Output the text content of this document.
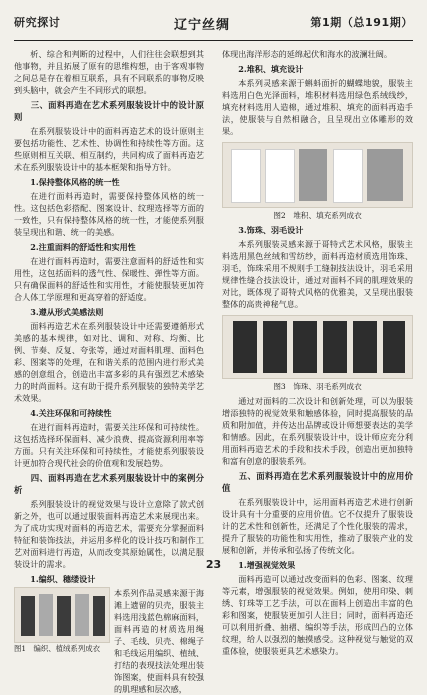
研究探讨	辽宁丝绸	第1期（总191期）

析、综合和判断的过程中，人们往往会联想到其他事物，并且拓展了原有的思维构想，由于客观事物之间总是存在着相互联系，具有不同联系的事物反映到头脑中，就会产生不同形式的联想。

三、面料再造在艺术系列服装设计中的设计原则

在系列服装设计中的面料再造艺术的设计原则主要包括功能性、艺术性、协调性和持续性等方面。这些原则相互关联、相互制约，共同构成了面料再造艺术在系列服装设计中的基本框架和指导方针。

1.保持整体风格的统一性

在进行面料再造时，需要保持整体风格的统一性。这包括色彩搭配、图案设计、纹理选择等方面的一致性，只有保持整体风格的统一性，才能使系列服装呈现出和谐、统一的美感。

2.注重面料的舒适性和实用性

在进行面料再造时，需要注意面料的舒适性和实用性，这包括面料的透气性、保暖性、弹性等方面。只有确保面料的舒适性和实用性，才能使服装更加符合人体工学原理和更高穿着的舒适度。

3.遵从形式美感法则

面料再造艺术在系列服装设计中还需要遵循形式美感的基本规律，如对比、调和、对称、均衡、比例、节奏、反复、夸张等，通过对面料肌理、面料色彩、图案等的处理，在和谐关系的范围内进行形式美感的创意组合，创造出丰富多彩的具有强烈艺术感染力的时尚面料。这有助于提升系列服装的独特美学艺术效果。

4.关注环保和可持续性

在进行面料再造时，需要关注环保和可持续性。这包括选择环保面料、减少浪费、提高资源利用率等方面。只有关注环保和可持续性，才能使系列服装设计更加符合现代社会的价值观和发展趋势。

四、面料再造在艺术系列服装设计中的案例分析

系列服装设计的视觉效果与设计立意除了款式创新之外，也可以通过服装面料再造艺术来展现出来。为了成功实现对面料的再造艺术，需要充分掌握面料特征和装饰技法，并运用多样化的设计技巧和制作工艺对面料进行再造，从而改变其原始属性，以满足服装设计的需求。

1.编织、穗缕设计
本系列作品灵感来源于海滩上遗留的贝壳，服装主料选用浅蓝色棉麻面料，面料再造的材质选用绳子、毛线、贝壳、棉绳子和毛线运用编织、植绒、打结的表现技法处理出装饰图案，使面料具有较强的肌理感和层次感，
图1　编织、植绒系列成衣

体现出海洋形态的延绵起伏和海水的波澜壮阔。

2.堆积、填充设计

本系列灵感来源于蝌蚪面折的蝴蝶地貌，服装主料选用白色光泽面料，堆积材料选用绿色系绒线纱，填充材料选用人造棉，通过堆积、填充的面料再造手法，使服装与自然相融合，且呈现出立体雕形的效果。

图2　堆积、填充系列成衣
3.饰珠、羽毛设计

本系列服装灵感来源于哥特式艺术风格，服装主料选用黑色丝绒和雪纺纱，面料再造材质选用饰珠、羽毛，饰珠采用不规则手工缝制技法设计，羽毛采用规律性缝合技法设计，通过对面料不同的肌理效果的对比，既体现了哥特式风格的优雅美，又呈现出服装整体的高贵神秘气息。

图3　饰珠、羽毛系列成衣

通过对面料的二次设计和创新处理，可以为服装增添独特的视觉效果和触感体验，同时提高服装的品质和附加值，并传达出品牌或设计师想要表达的美学和情感。因此，在系列服装设计中，设计师应充分利用面料再造艺术的手段和技术手段，创造出更加独特和富有创意的服装系列。

五、面料再造在艺术系列服装设计中的应用价值

在系列服装设计中，运用面料再造艺术进行创新设计具有十分重要的应用价值。它不仅提升了服装设计的艺术性和创新性，还满足了个性化服装的需求，提升了服装的功能性和实用性，推动了服装产业的发展和创新，并传承和弘扬了传统文化。

1.增强视觉效果

面料再造可以通过改变面料的色彩、图案、纹理等元素，增强服装的视觉效果。例如，使用印染、刺绣、钉珠等工艺手法，可以在面料上创造出丰富的色彩和图案，使服装更加引人注目；同时，面料再造还可以利用折叠、抽褶、编织等手法，形成凹凸的立体纹理，给人以强烈的触摸感受。这种视觉与触觉的双重体验，使服装更具艺术感染力。

23
